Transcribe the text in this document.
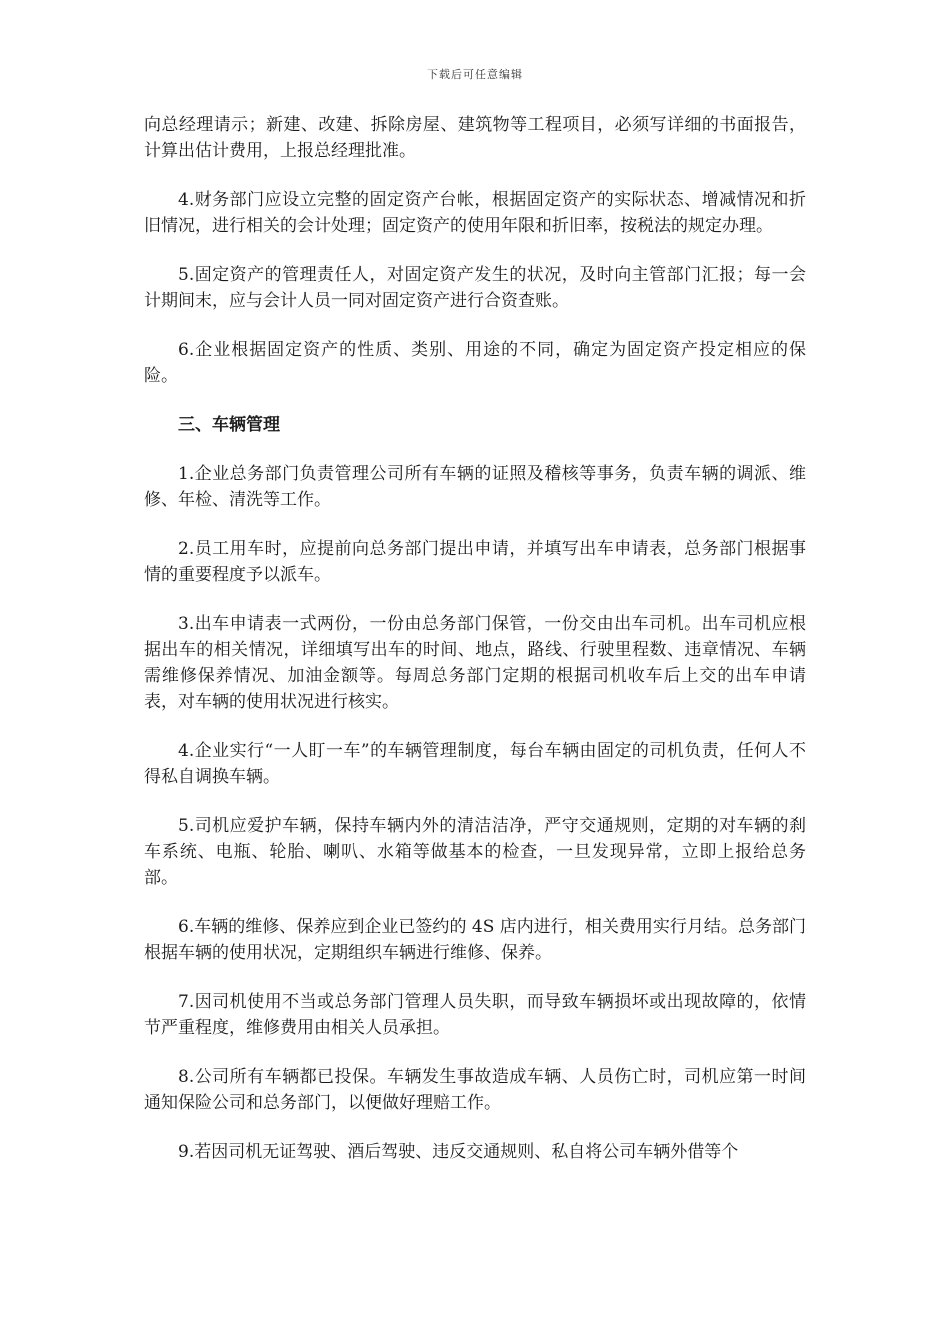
下载后可任意编辑

向总经理请示；新建、改建、拆除房屋、建筑物等工程项目，必须写详细的书面报告，计算出估计费用，上报总经理批准。

4.财务部门应设立完整的固定资产台帐，根据固定资产的实际状态、增减情况和折旧情况，进行相关的会计处理；固定资产的使用年限和折旧率，按税法的规定办理。

5.固定资产的管理责任人，对固定资产发生的状况，及时向主管部门汇报；每一会计期间末，应与会计人员一同对固定资产进行合资查账。

6.企业根据固定资产的性质、类别、用途的不同，确定为固定资产投定相应的保险。

三、车辆管理

1.企业总务部门负责管理公司所有车辆的证照及稽核等事务，负责车辆的调派、维修、年检、清洗等工作。

2.员工用车时，应提前向总务部门提出申请，并填写出车申请表，总务部门根据事情的重要程度予以派车。

3.出车申请表一式两份，一份由总务部门保管，一份交由出车司机。出车司机应根据出车的相关情况，详细填写出车的时间、地点，路线、行驶里程数、违章情况、车辆需维修保养情况、加油金额等。每周总务部门定期的根据司机收车后上交的出车申请表，对车辆的使用状况进行核实。

4.企业实行“一人盯一车”的车辆管理制度，每台车辆由固定的司机负责，任何人不得私自调换车辆。

5.司机应爱护车辆，保持车辆内外的清洁洁净，严守交通规则，定期的对车辆的刹车系统、电瓶、轮胎、喇叭、水箱等做基本的检查，一旦发现异常，立即上报给总务部。

6.车辆的维修、保养应到企业已签约的 4S 店内进行，相关费用实行月结。总务部门根据车辆的使用状况，定期组织车辆进行维修、保养。

7.因司机使用不当或总务部门管理人员失职，而导致车辆损坏或出现故障的，依情节严重程度，维修费用由相关人员承担。

8.公司所有车辆都已投保。车辆发生事故造成车辆、人员伤亡时，司机应第一时间通知保险公司和总务部门，以便做好理赔工作。

9.若因司机无证驾驶、酒后驾驶、违反交通规则、私自将公司车辆外借等个
